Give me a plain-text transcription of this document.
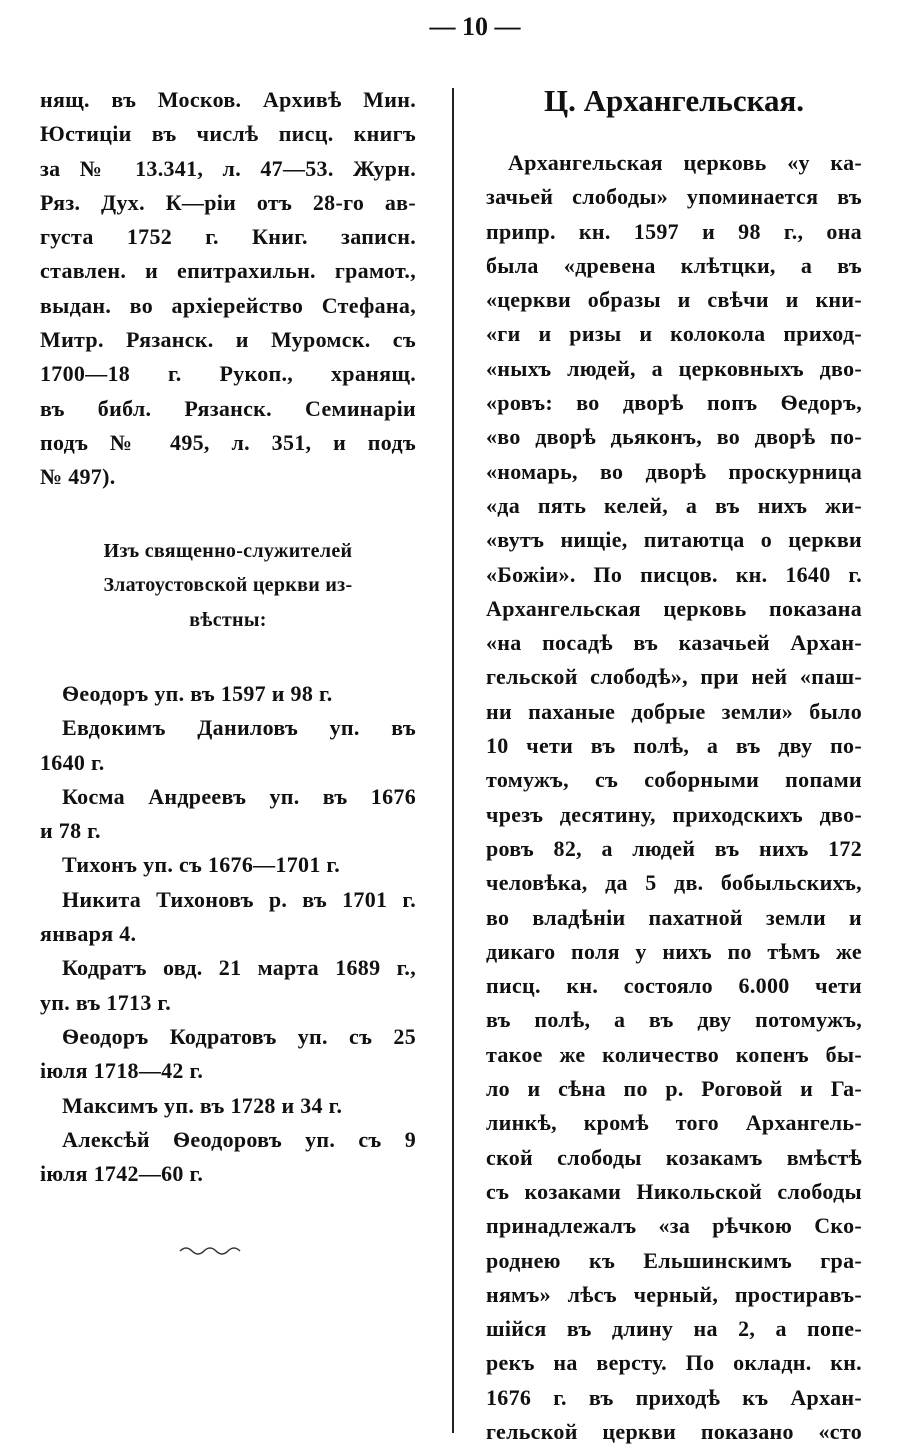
— 10 —
нящ. въ Москов. Архивѣ Мин.
Юстиціи въ числѣ писц. книгъ
за № 13.341, л. 47—53. Журн.
Ряз. Дух. К—ріи отъ 28-го ав-
густа 1752 г. Книг. записн.
ставлен. и епитрахильн. грамот.,
выдан. во архіерейство Стефана,
Митр. Рязанск. и Муромск. съ
1700—18 г. Рукоп., хранящ.
въ библ. Рязанск. Семинаріи
подъ № 495, л. 351, и подъ
№ 497).
Изъ священно-служителей
Златоустовской церкви из-
вѣстны:
Ѳеодоръ уп. въ 1597 и 98 г.
Евдокимъ Даниловъ уп. въ
1640 г.
Косма Андреевъ уп. въ 1676
и 78 г.
Тихонъ уп. съ 1676—1701 г.
Никита Тихоновъ р. въ 1701 г.
января 4.
Кодратъ овд. 21 марта 1689 г.,
уп. въ 1713 г.
Ѳеодоръ Кодратовъ уп. съ 25
іюля 1718—42 г.
Максимъ уп. въ 1728 и 34 г.
Алексѣй Ѳеодоровъ уп. съ 9
іюля 1742—60 г.
Ц. Архангельская.
Архангельская церковь «у ка-
зачьей слободы» упоминается въ
припр. кн. 1597 и 98 г., она
была «древена клѣтцки, а въ
«церкви образы и свѣчи и кни-
«ги и ризы и колокола приход-
«ныхъ людей, а церковныхъ дво-
«ровъ: во дворѣ попъ Ѳедоръ,
«во дворѣ дьяконъ, во дворѣ по-
«номарь, во дворѣ проскурница
«да пять келей, а въ нихъ жи-
«вутъ нищіе, питаютца о церкви
«Божіи». По писцов. кн. 1640 г.
Архангельская церковь показана
«на посадѣ въ казачьей Архан-
гельской слободѣ», при ней «паш-
ни паханые добрые земли» было
10 чети въ полѣ, а въ дву по-
томужъ, съ соборными попами
чрезъ десятину, приходскихъ дво-
ровъ 82, а людей въ нихъ 172
человѣка, да 5 дв. бобыльскихъ,
во владѣніи пахатной земли и
дикаго поля у нихъ по тѣмъ же
писц. кн. состояло 6.000 чети
въ полѣ, а въ дву потомужъ,
такое же количество копенъ бы-
ло и сѣна по р. Роговой и Га-
линкѣ, кромѣ того Архангель-
ской слободы козакамъ вмѣстѣ
съ козаками Никольской слободы
принадлежалъ «за рѣчкою Ско-
роднею къ Ельшинскимъ гра-
нямъ» лѣсъ черный, простиравъ-
шійся въ длину на 2, а попе-
рекъ на версту. По окладн. кн.
1676 г. въ приходѣ къ Архан-
гельской церкви показано «сто
